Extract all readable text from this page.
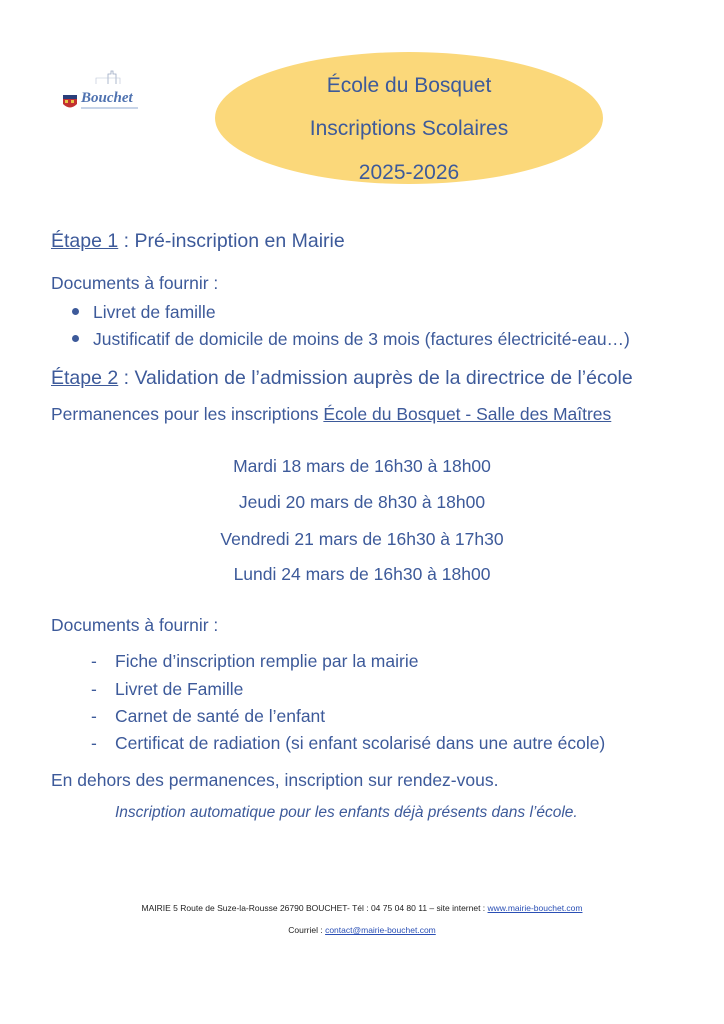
Bouchet
École du Bosquet
Inscriptions Scolaires
2025-2026
Étape 1 : Pré-inscription en Mairie
Documents à fournir :
Livret de famille
Justificatif de domicile de moins de 3 mois (factures électricité-eau…)
Étape 2 : Validation de l’admission auprès de la directrice de l’école
Permanences pour les inscriptions École du Bosquet - Salle des Maîtres
Mardi 18 mars de 16h30 à 18h00
Jeudi 20 mars de 8h30 à 18h00
Vendredi 21 mars de 16h30 à 17h30
Lundi 24 mars de 16h30 à 18h00
Documents à fournir :
- Fiche d’inscription remplie par la mairie
- Livret de Famille
- Carnet de santé de l’enfant
- Certificat de radiation (si enfant scolarisé dans une autre école)
En dehors des permanences, inscription sur rendez-vous.
Inscription automatique pour les enfants déjà présents dans l’école.
MAIRIE 5 Route de Suze-la-Rousse 26790 BOUCHET- Tél : 04 75 04 80 11 – site internet : www.mairie-bouchet.com
Courriel : contact@mairie-bouchet.com
